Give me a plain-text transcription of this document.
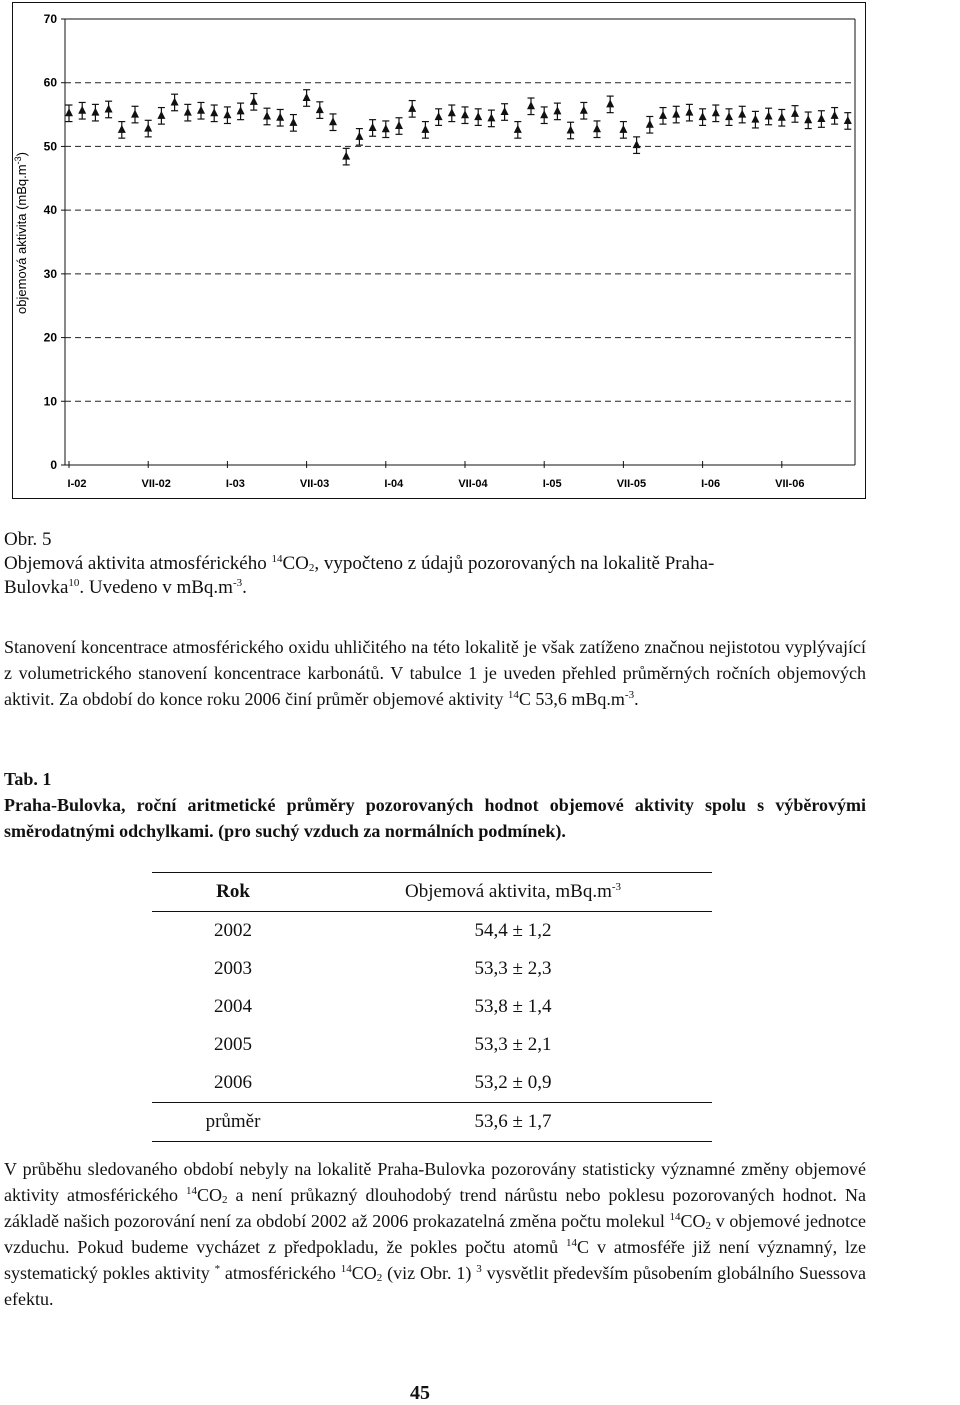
0
10
20
30
40
50
60
70
I-02	VII-02	I-03	VII-03	I-04	VII-04	I-05	VII-05	I-06	VII-06
objemová aktivita $(mBq.m^{-3})$
Obr. 5
Objemová aktivita atmosférického $^{14}CO_2$, vypočteno z údajů pozorovaných na lokalitě Praha-
Bulovka$^{10}$. Uvedeno v $mBq.m^{-3}$.
Stanovení koncentrace atmosférického oxidu uhličitého na této lokalitě je však zatíženo značnou nejistotou vyplývající z volumetrického stanovení koncentrace karbonátů. V tabulce 1 je uveden přehled průměrných ročních objemových aktivit. Za období do konce roku 2006 činí průměr objemové aktivity $^{14}$C 53,6 $mBq.m^{-3}$.
Tab. 1
Praha-Bulovka, roční aritmetické průměry pozorovaných hodnot objemové aktivity spolu s výběrovými směrodatnými odchylkami. (pro suchý vzduch za normálních podmínek).
Rok	Objemová aktivita, $mBq.m^{-3}$
2002	54,4 ± 1,2
2003	53,3 ± 2,3
2004	53,8 ± 1,4
2005	53,3 ± 2,1
2006	53,2 ± 0,9
průměr	53,6 ± 1,7
V průběhu sledovaného období nebyly na lokalitě Praha-Bulovka pozorovány statisticky významné změny objemové aktivity atmosférického $^{14}CO_2$ a není průkazný dlouhodobý trend nárůstu nebo poklesu pozorovaných hodnot. Na základě našich pozorování není za období 2002 až 2006 prokazatelná změna počtu molekul $^{14}CO_2$ v objemové jednotce vzduchu. Pokud budeme vycházet z předpokladu, že pokles počtu atomů $^{14}$C v atmosféře již není významný, lze systematický pokles aktivity * atmosférického $^{14}CO_2$ (viz Obr. 1) $^3$ vysvětlit především působením globálního Suessova efektu.
45
